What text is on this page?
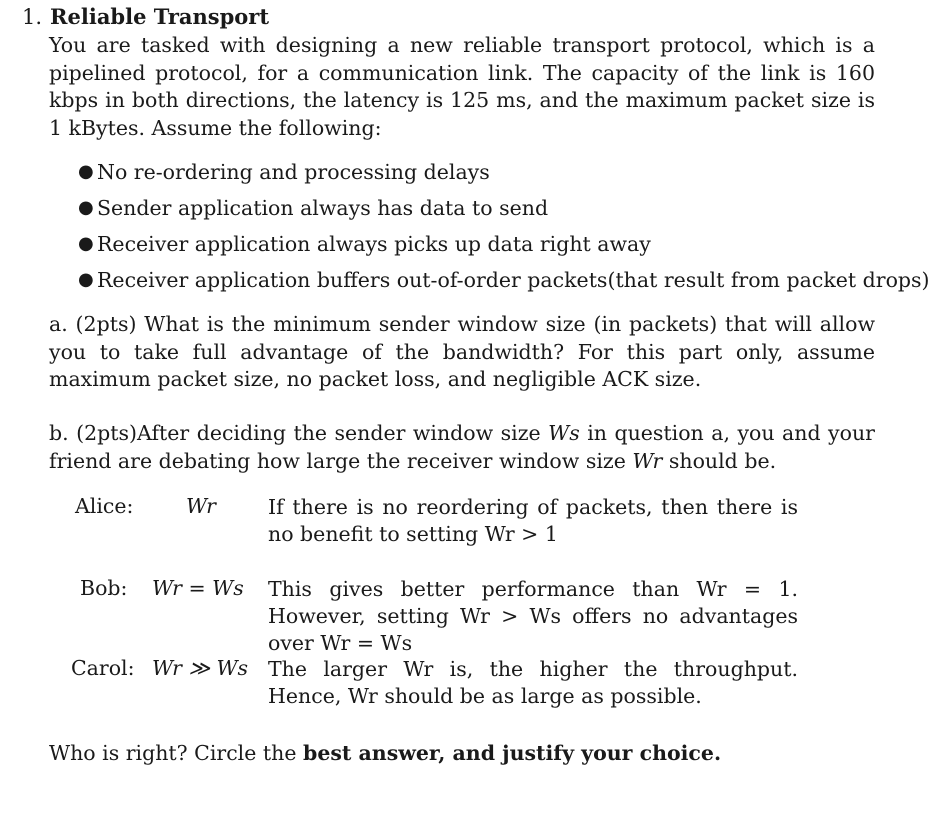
1. Reliable Transport
You are tasked with designing a new reliable transport protocol, which is a pipelined protocol, for a communication link. The capacity of the link is 160 kbps in both directions, the latency is 125 ms, and the maximum packet size is 1 kBytes. Assume the following:
● No re-ordering and processing delays
● Sender application always has data to send
● Receiver application always picks up data right away
● Receiver application buffers out-of-order packets(that result from packet drops)
a. (2pts) What is the minimum sender window size (in packets) that will allow you to take full advantage of the bandwidth? For this part only, assume maximum packet size, no packet loss, and negligible ACK size.
b. (2pts)After deciding the sender window size Ws in question a, you and your friend are debating how large the receiver window size Wr should be.
Alice:	Wr	If there is no reordering of packets, then there is no benefit to setting Wr > 1
Bob: Wr = Ws This gives better performance than Wr = 1. However, setting Wr > Ws offers no advantages over Wr = Ws
Carol: Wr ≫ Ws The larger Wr is, the higher the throughput. Hence, Wr should be as large as possible.
Who is right? Circle the best answer, and justify your choice.
